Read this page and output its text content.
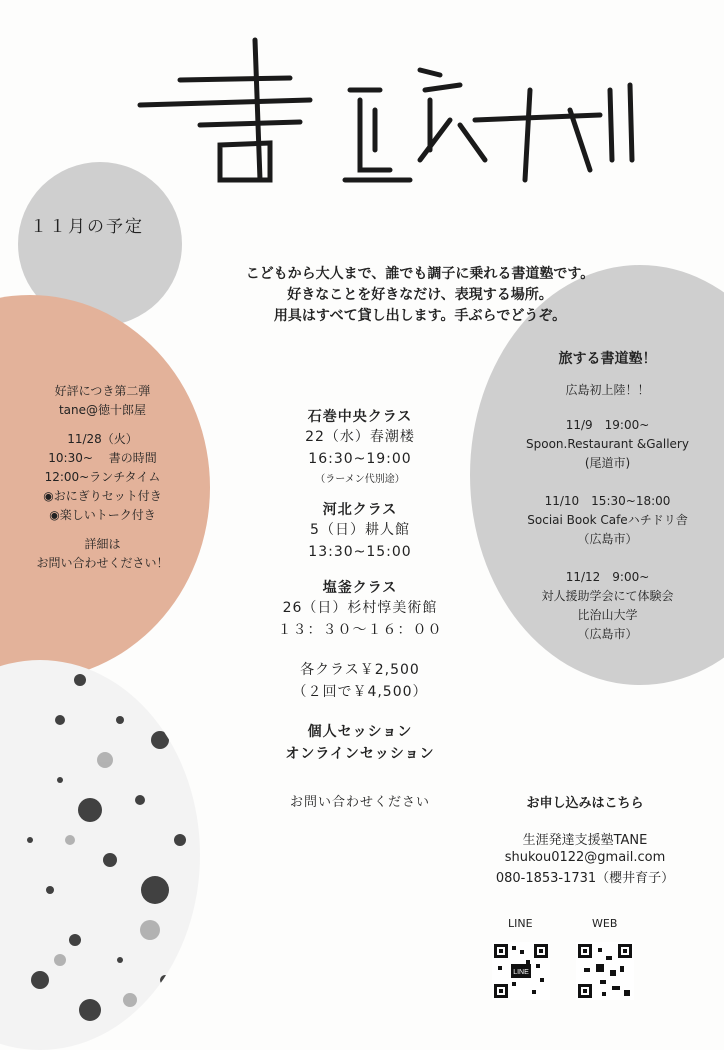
書道塾 tane
１１月の予定
こどもから大人まで、誰でも調子に乗れる書道塾です。
好きなことを好きなだけ、表現する場所。
用具はすべて貸し出します。手ぶらでどうぞ。
好評につき第二弾
tane@徳十郎屋
11/28（火）
10:30~　 書の時間
12:00~ランチタイム
◉おにぎりセット付き
◉楽しいトーク付き
詳細は
お問い合わせください！
石巻中央クラス
22（水）春潮楼
16:30~19:00
（ラーメン代別途）
河北クラス
5（日）耕人館
13:30~15:00
塩釜クラス
26（日）杉村惇美術館
１３：３０〜１６：００
各クラス￥2,500
（２回で￥4,500）
個人セッション
オンラインセッション
お問い合わせください
旅する書道塾！
広島初上陸！！
11/9　19:00~
Spoon.Restaurant &Gallery
(尾道市)
11/10　15:30~18:00
Sociai Book Cafeハチドリ舎
（広島市）
11/12　9:00~
対人援助学会にて体験会
比治山大学
（広島市）
お申し込みはこちら
生涯発達支援塾TANE
shukou0122@gmail.com
080-1853-1731（櫻井育子）
LINE	WEB
LINE
